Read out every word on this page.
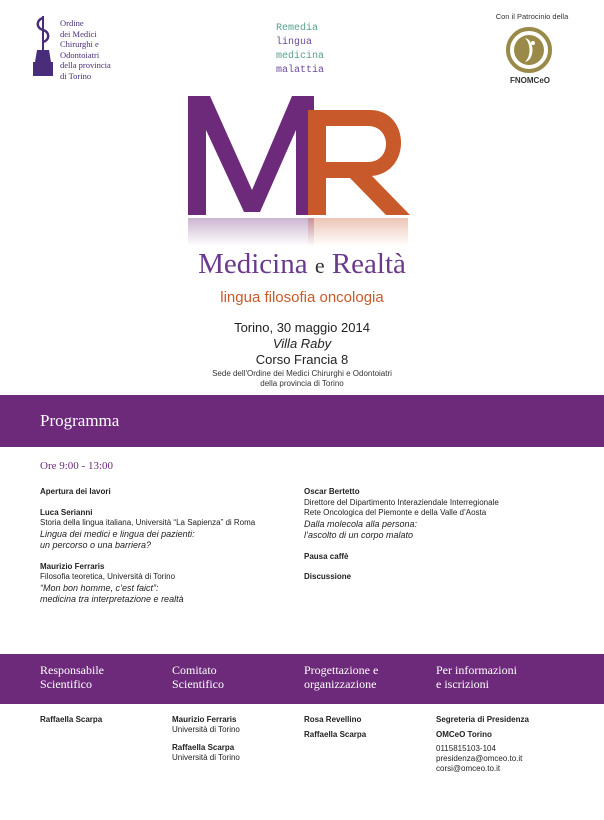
Ordine
dei Medici
Chirurghi e
Odontoiatri
della provincia
di Torino
Remedia
lingua
medicina
malattia
Con il Patrocinio della
FNOMCeO
Medicina e Realtà
lingua filosofia oncologia
Torino, 30 maggio 2014
Villa Raby
Corso Francia 8
Sede dell'Ordine dei Medici Chirurghi e Odontoiatri
della provincia di Torino
Programma
Ore 9:00 - 13:00
Apertura dei lavori
Luca Serianni
Storia della lingua italiana, Università “La Sapienza” di Roma
Lingua dei medici e lingua dei pazienti:
un percorso o una barriera?
Maurizio Ferraris
Filosofia teoretica, Università di Torino
“Mon bon homme, c’est faict”:
medicina tra interpretazione e realtà
Oscar Bertetto
Direttore del Dipartimento Interaziendale Interregionale
Rete Oncologica del Piemonte e della Valle d’Aosta
Dalla molecola alla persona:
l’ascolto di un corpo malato
Pausa caffè
Discussione
Responsabile
Scientifico
Comitato
Scientifico
Progettazione e
organizzazione
Per informazioni
e iscrizioni
Raffaella Scarpa	Maurizio Ferraris
Università di Torino
Raffaella Scarpa
Università di Torino
Rosa Revellino
Raffaella Scarpa
Segreteria di Presidenza
OMCeO Torino
0115815103-104
presidenza@omceo.to.it
corsi@omceo.to.it
